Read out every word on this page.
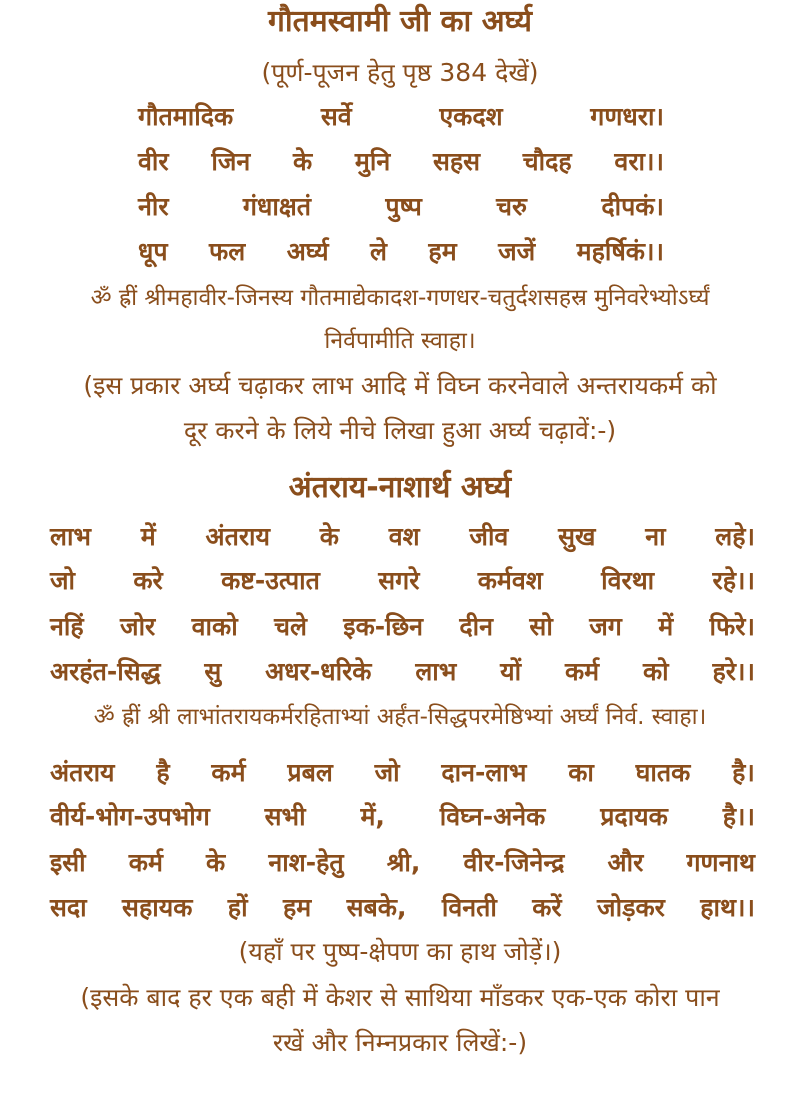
गौतमस्वामी जी का अर्घ्य
(पूर्ण-पूजन हेतु पृष्ठ 384 देखें)
गौतमादिक	सर्वे	एकदश	गणधरा।
वीर जिन के मुनि सहस चौदह वरा।।
नीर	गंधाक्षतं	पुष्प	चरु	दीपकं।
धूप फल अर्घ्य ले हम जजें महर्षिकं।।
ॐ ह्रीं श्रीमहावीर-जिनस्य गौतमाद्येकादश-गणधर-चतुर्दशसहस्र मुनिवरेभ्योऽर्घ्यं
निर्वपामीति स्वाहा।
(इस प्रकार अर्घ्य चढ़ाकर लाभ आदि में विघ्न करनेवाले अन्तरायकर्म को
दूर करने के लिये नीचे लिखा हुआ अर्घ्य चढ़ावें:-)
अंतराय-नाशार्थ अर्घ्य
लाभ में अंतराय के वश जीव सुख ना लहे।
जो करे कष्ट-उत्पात सगरे कर्मवश विरथा रहे।।
नहिं जोर वाको चले इक-छिन दीन सो जग में फिरे।
अरहंत-सिद्ध सु अधर-धरिके लाभ यों कर्म को हरे।।
ॐ ह्रीं श्री लाभांतरायकर्मरहिताभ्यां अर्हंत-सिद्धपरमेष्ठिभ्यां अर्घ्यं निर्व. स्वाहा।
अंतराय है कर्म प्रबल जो दान-लाभ का घातक है।
वीर्य-भोग-उपभोग सभी में, विघ्न-अनेक प्रदायक है।।
इसी कर्म के नाश-हेतु श्री, वीर-जिनेन्द्र और गणनाथ
सदा सहायक हों हम सबके, विनती करें जोड़कर हाथ।।
(यहाँ पर पुष्प-क्षेपण का हाथ जोड़ें।)
(इसके बाद हर एक बही में केशर से साथिया माँडकर एक-एक कोरा पान
रखें और निम्नप्रकार लिखें:-)
